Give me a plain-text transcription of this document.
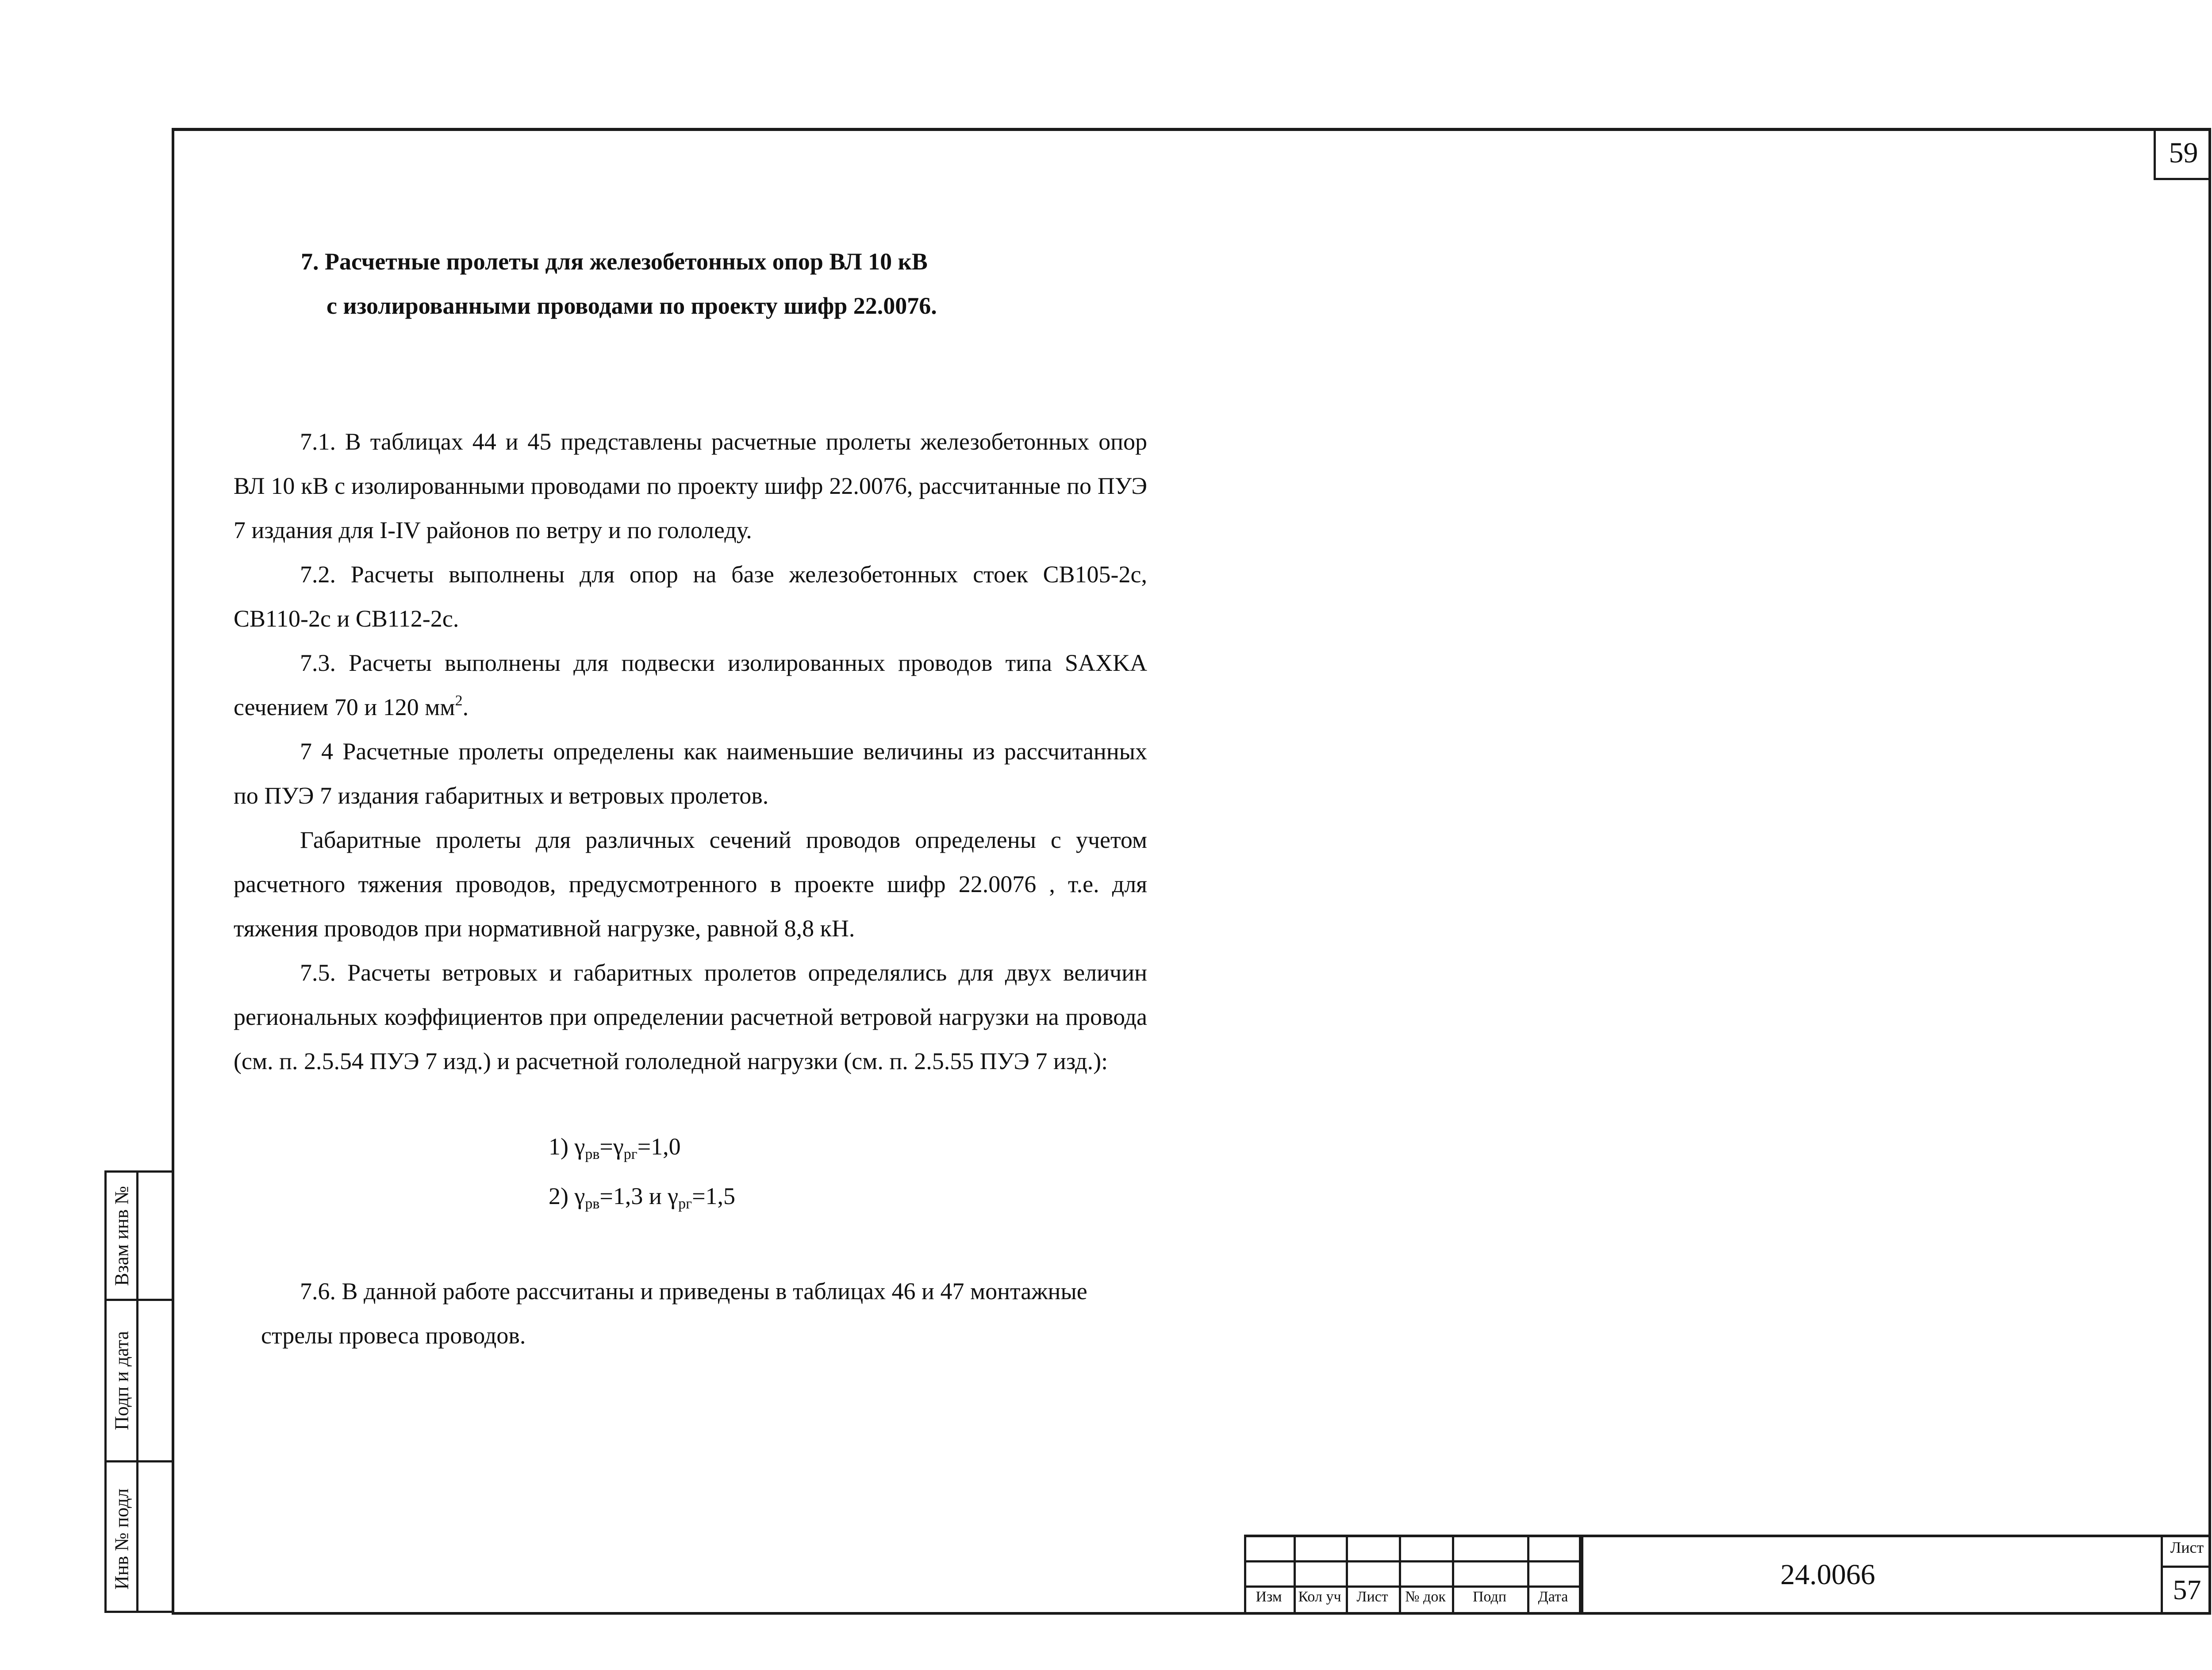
59
7. Расчетные пролеты для железобетонных опор ВЛ 10 кВ
с изолированными проводами по проекту шифр 22.0076.

7.1. В таблицах 44 и 45 представлены расчетные пролеты железобетонных опор ВЛ 10 кВ с изолированными проводами по проекту шифр 22.0076, рассчитанные по ПУЭ 7 издания для I-IV районов по ветру и по гололеду.

7.2. Расчеты выполнены для опор на базе железобетонных стоек СВ105-2с, СВ110-2с и СВ112-2с.

7.3. Расчеты выполнены для подвески изолированных проводов типа SAXKA сечением 70 и 120 $мм^2$.

7 4 Расчетные пролеты определены как наименьшие величины из рассчитанных по ПУЭ 7 издания габаритных и ветровых пролетов.

Габаритные пролеты для различных сечений проводов определены с учетом расчетного тяжения проводов, предусмотренного в проекте шифр 22.0076 , т.е. для тяжения проводов при нормативной нагрузке, равной 8,8 кН.

7.5. Расчеты ветровых и габаритных пролетов определялись для двух величин региональных коэффициентов при определении расчетной ветровой нагрузки на провода (см. п. 2.5.54 ПУЭ 7 изд.) и расчетной гололедной нагрузки (см. п. 2.5.55 ПУЭ 7 изд.):

1) $\gamma_{рв}=\gamma_{рг}=1,0$
2) $\gamma_{рв}=1,3$ и $\gamma_{рг}=1,5$

7.6. В данной работе рассчитаны и приведены в таблицах 46 и 47 монтажные

стрелы провеса проводов.

Взам инв №
Подп и дата
Инв № подл
Изм	Кол уч	Лист	№ док	Подп	Дата
24.0066
Лист
57
